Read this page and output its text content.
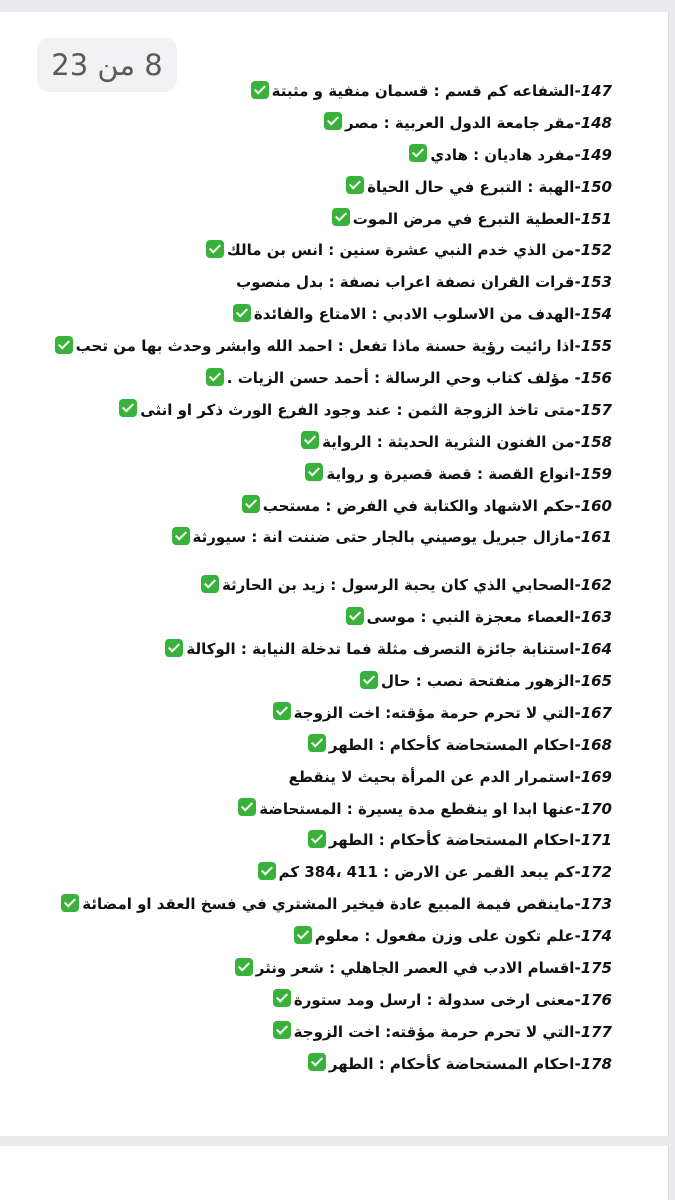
8 من 23
147-الشفاعه كم قسم : قسمان منفية و مثبتة
148-مقر جامعة الدول العربية : مصر
149-مفرد هاديان : هادي
150-الهبة : التبرع في حال الحياة
151-العطية التبرع في مرض الموت
152-من الذي خدم النبي عشرة سنين : انس بن مالك
153-قرات القران نصفة اعراب نصفة : بدل منصوب
154-الهدف من الاسلوب الادبي : الامتاع والفائدة
155-اذا رائيت رؤية حسنة ماذا تفعل : احمد الله وابشر وحدث بها من تحب
156- مؤلف كتاب وحي الرسالة : أحمد حسن الزيات .
157-متى تاخذ الزوجة الثمن : عند وجود الفرع الورث ذكر او انثى
158-من الفنون النثرية الحديثة : الرواية
159-انواع القصة : قصة قصيرة و رواية
160-حكم الاشهاد والكتابة في الفرض : مستحب
161-مازال جبريل يوصيني بالجار حتى ضننت انة : سيورثة
162-الصحابي الذي كان يحبة الرسول : زيد بن الحارثة
163-العصاء معجزة النبي : موسى
164-استنابة جائزة التصرف مثلة فما تدخلة النيابة : الوكالة
165-الزهور منفتحة نصب : حال
167-التي لا تحرم حرمة مؤقته: اخت الزوجة
168-احكام المستحاضة كأحكام : الطهر
169-استمرار الدم عن المرأة بحيث لا ينقطع
170-عنها ابدا او ينقطع مدة يسيرة : المستحاضة
171-احكام المستحاضة كأحكام : الطهر
172-كم يبعد القمر عن الارض : 411 ،384 كم
173-ماينقص فيمة المبيع عادة فيخير المشتري في فسخ العقد او امضائة
174-علم تكون على وزن مفعول : معلوم
175-اقسام الادب في العصر الجاهلي : شعر ونثر
176-معنى ارخى سدولة : ارسل ومد ستورة
177-التي لا تحرم حرمة مؤقته: اخت الزوجة
178-احكام المستحاضة كأحكام : الطهر
